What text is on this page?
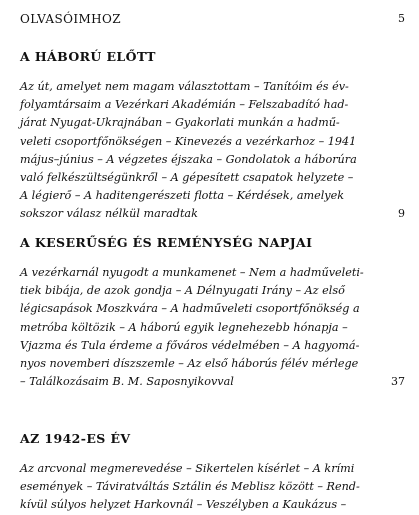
OLVASÓIMHOZ	5
A HÁBORÚ ELŐTT
Az út, amelyet nem magam választottam – Tanítóim és év-
folyamtársaim a Vezérkari Akadémián – Felszabadító had-
járat Nyugat-Ukrajnában – Gyakorlati munkán a hadmű-
veleti csoportfőnökségen – Kinevezés a vezérkarhoz – 1941
május–június – A végzetes éjszaka – Gondolatok a háborúra
való felkészültségünkről – A gépesített csapatok helyzete –
A légierő – A haditengerészeti flotta – Kérdések, amelyek
sokszor válasz nélkül maradtak	9
A KESERŰSÉG ÉS REMÉNYSÉG NAPJAI
A vezérkarnál nyugodt a munkamenet – Nem a hadműveleti-
tiek bibája, de azok gondja – A Délnyugati Irány – Az első
légicsapások Moszkvára – A hadműveleti csoportfőnökség a
metróba költözik – A háború egyik legnehezebb hónapja –
Vjazma és Tula érdeme a főváros védelmében – A hagyomá-
nyos novemberi díszszemle – Az első háborús félév mérlege
– Találkozásaim B. M. Saposnyikovval	37
AZ 1942-ES ÉV
Az arcvonal megmerevedése – Sikertelen kísérlet – A krími
események – Táviratváltás Sztálin és Meblisz között – Rend-
kívül súlyos helyzet Harkovnál – Veszélyben a Kaukázus –
